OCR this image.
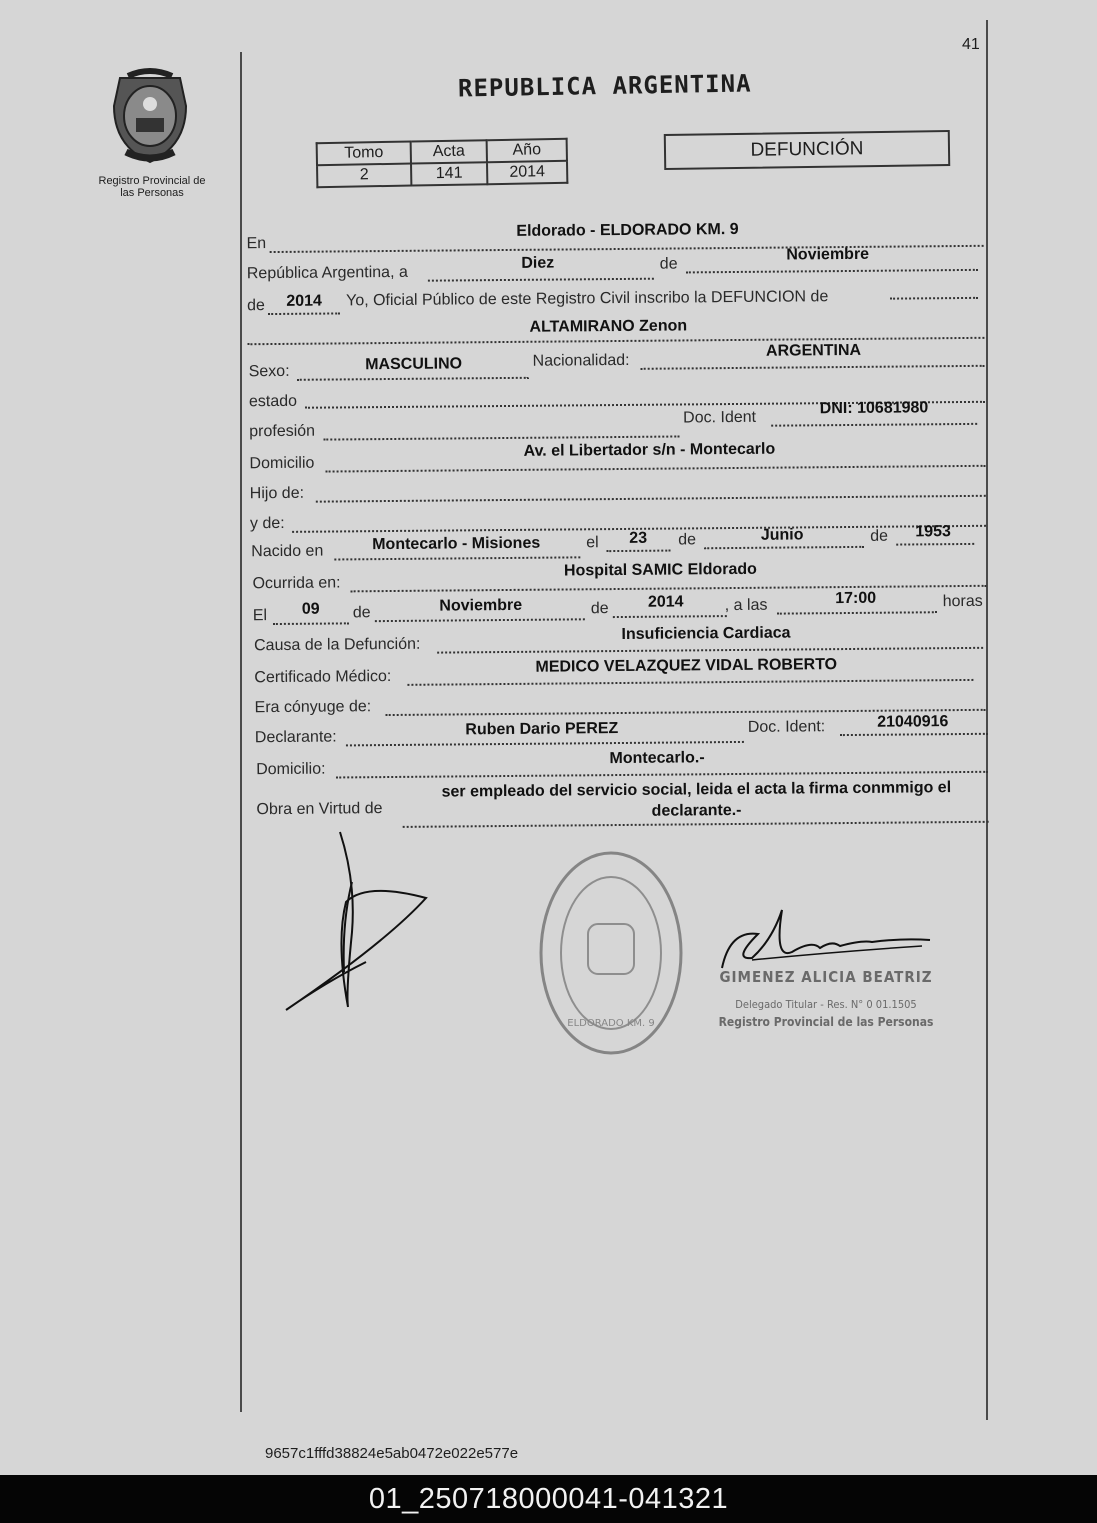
41
Registro Provincial de
las Personas
REPUBLICA ARGENTINA
Tomo	Acta	Año
2	141	2014
DEFUNCIÓN
En
Eldorado - ELDORADO KM. 9
República Argentina, a
Diez	de
Noviembre
de	2014	Yo, Oficial Público de este Registro Civil inscribo la DEFUNCION de
ALTAMIRANO Zenon
Sexo:	MASCULINO	Nacionalidad:
ARGENTINA
estado
profesión
Doc. Ident
DNI: 10681980
Domicilio
Av. el Libertador s/n - Montecarlo
Hijo de:
y de:
Nacido en	Montecarlo - Misiones	el	23	de	Junio	de	1953
Ocurrida en:
Hospital SAMIC Eldorado
El	09	de	Noviembre	de	2014	, a las	17:00	horas
Causa de la Defunción:
Insuficiencia Cardiaca
Certificado Médico:
MEDICO VELAZQUEZ VIDAL ROBERTO
Era cónyuge de:
Declarante:	Ruben Dario PEREZ	Doc. Ident:	21040916
Domicilio:
Montecarlo.-
Obra en Virtud de
ser empleado del servicio social, leida el acta la firma conmmigo el
declarante.-
ELDORADO KM. 9
GIMENEZ ALICIA BEATRIZ
Delegado Titular - Res. N° 0 01.1505
Registro Provincial de las Personas
9657c1fffd38824e5ab0472e022e577e
01_250718000041-041321
